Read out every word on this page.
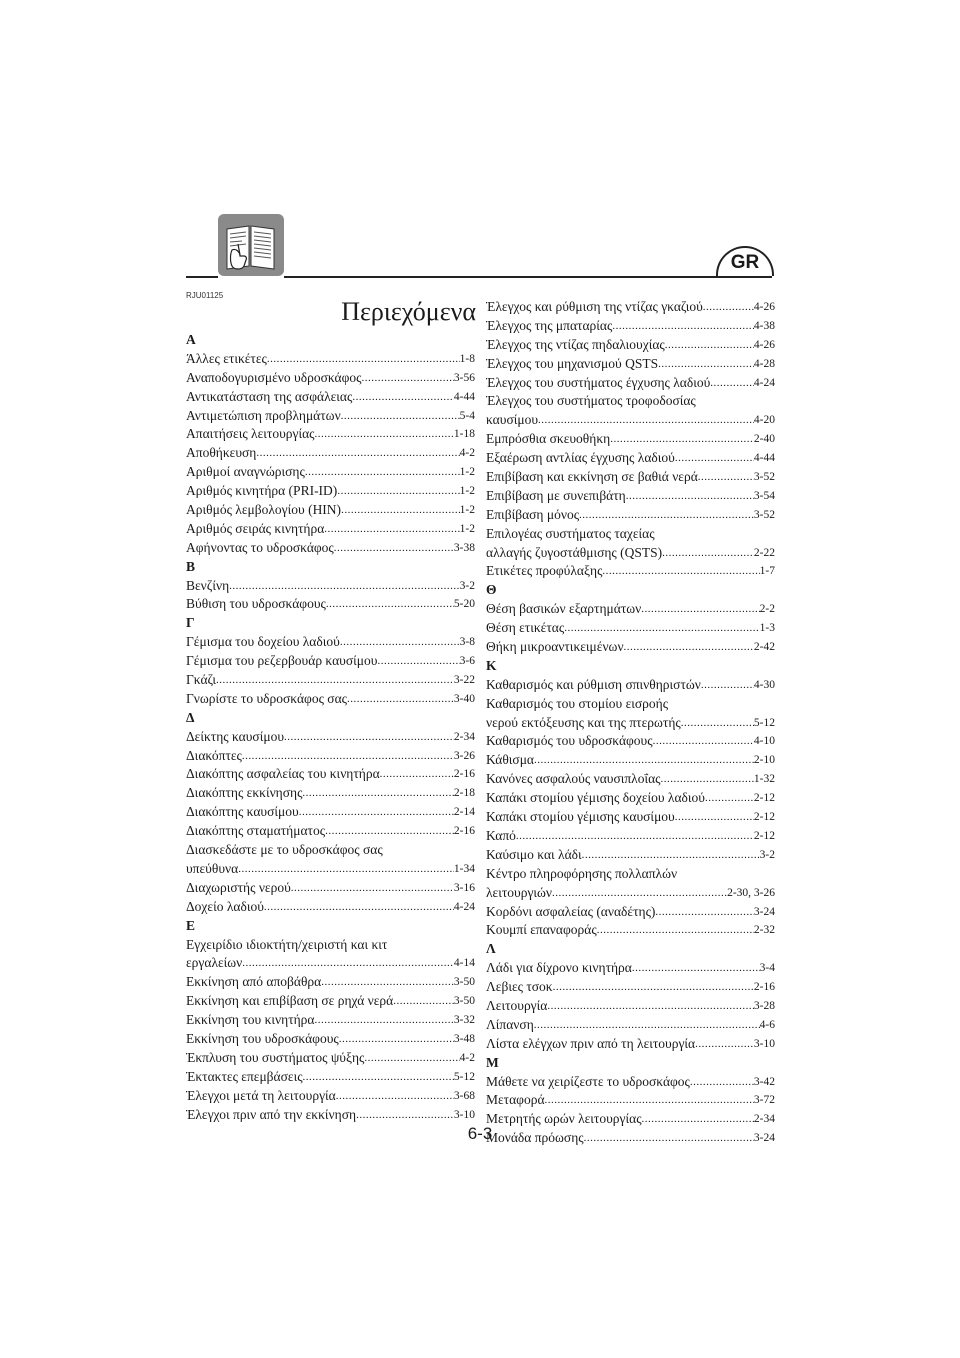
GR
RJU01125
Περιεχόμενα
Α
Άλλες ετικέτες .....	1-8
Αναποδογυρισμένο υδροσκάφος .....	3-56
Αντικατάσταση της ασφάλειας .....	4-44
Αντιμετώπιση προβλημάτων .....	5-4
Απαιτήσεις λειτουργίας .....	1-18
Αποθήκευση .....	4-2
Αριθμοί αναγνώρισης .....	1-2
Αριθμός κινητήρα (PRI-ID) .....	1-2
Αριθμός λεμβολογίου (HIN) .....	1-2
Αριθμός σειράς κινητήρα .....	1-2
Αφήνοντας το υδροσκάφος .....	3-38
Β
Βενζίνη .....	3-2
Βύθιση του υδροσκάφους .....	5-20
Γ
Γέμισμα του δοχείου λαδιού .....	3-8
Γέμισμα του ρεζερβουάρ καυσίμου .....	3-6
Γκάζι .....	3-22
Γνωρίστε το υδροσκάφος σας .....	3-40
Δ
Δείκτης καυσίμου .....	2-34
Διακόπτες .....	3-26
Διακόπτης ασφαλείας του κινητήρα .....	2-16
Διακόπτης εκκίνησης .....	2-18
Διακόπτης καυσίμου .....	2-14
Διακόπτης σταματήματος .....	2-16
Διασκεδάστε με το υδροσκάφος σας
υπεύθυνα .....	1-34
Διαχωριστής νερού .....	3-16
Δοχείο λαδιού .....	4-24
Ε
Εγχειρίδιο ιδιοκτήτη/χειριστή και κιτ
εργαλείων .....	4-14
Εκκίνηση από αποβάθρα .....	3-50
Εκκίνηση και επιβίβαση σε ρηχά νερά .....	3-50
Εκκίνηση του κινητήρα .....	3-32
Εκκίνηση του υδροσκάφους .....	3-48
Έκπλυση του συστήματος ψύξης .....	4-2
Έκτακτες επεμβάσεις .....	5-12
Έλεγχοι μετά τη λειτουργία .....	3-68
Έλεγχοι πριν από την εκκίνηση .....	3-10
Έλεγχος και ρύθμιση της ντίζας γκαζιού .....	4-26
Έλεγχος της μπαταρίας .....	4-38
Έλεγχος της ντίζας πηδαλιουχίας .....	4-26
Έλεγχος του μηχανισμού QSTS .....	4-28
Έλεγχος του συστήματος έγχυσης λαδιού .....	4-24
Έλεγχος του συστήματος τροφοδοσίας
καυσίμου .....	4-20
Εμπρόσθια σκευοθήκη .....	2-40
Εξαέρωση αντλίας έγχυσης λαδιού .....	4-44
Επιβίβαση και εκκίνηση σε βαθιά νερά .....	3-52
Επιβίβαση με συνεπιβάτη .....	3-54
Επιβίβαση μόνος .....	3-52
Επιλογέας συστήματος ταχείας
αλλαγής ζυγοστάθμισης (QSTS) .....	2-22
Ετικέτες προφύλαξης .....	1-7
Θ
Θέση βασικών εξαρτημάτων .....	2-2
Θέση ετικέτας .....	1-3
Θήκη μικροαντικειμένων .....	2-42
Κ
Καθαρισμός και ρύθμιση σπινθηριστών .....	4-30
Καθαρισμός του στομίου εισροής
νερού εκτόξευσης και της πτερωτής .....	5-12
Καθαρισμός του υδροσκάφους .....	4-10
Κάθισμα .....	2-10
Κανόνες ασφαλούς ναυσιπλοΐας .....	1-32
Καπάκι στομίου γέμισης δοχείου λαδιού .....	2-12
Καπάκι στομίου γέμισης καυσίμου .....	2-12
Καπό .....	2-12
Καύσιμο και λάδι .....	3-2
Κέντρο πληροφόρησης πολλαπλών
λειτουργιών .....	2-30, 3-26
Κορδόνι ασφαλείας (αναδέτης) .....	3-24
Κουμπί επαναφοράς .....	2-32
Λ
Λάδι για δίχρονο κινητήρα .....	3-4
Λεβιες τσοκ .....	2-16
Λειτουργία .....	3-28
Λίπανση .....	4-6
Λίστα ελέγχων πριν από τη λειτουργία .....	3-10
Μ
Μάθετε να χειρίζεστε το υδροσκάφος .....	3-42
Μεταφορά .....	3-72
Μετρητής ωρών λειτουργίας .....	2-34
Μονάδα πρόωσης .....	3-24
6-3
